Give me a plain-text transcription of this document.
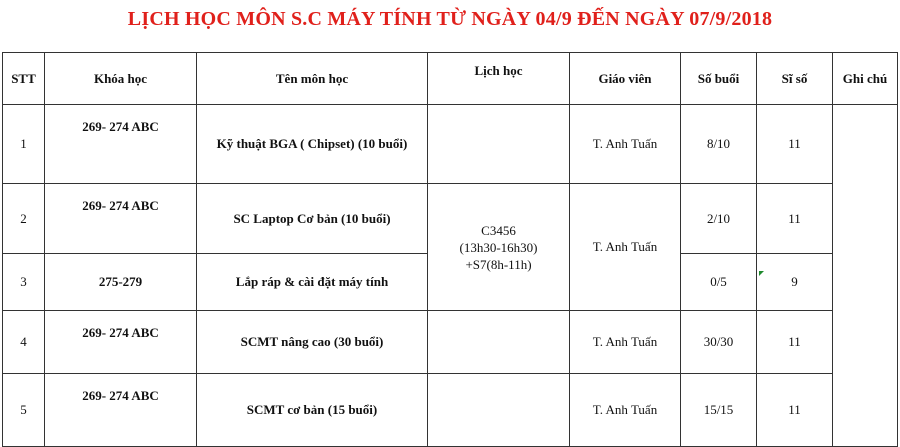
LỊCH HỌC MÔN S.C MÁY TÍNH TỪ NGÀY 04/9 ĐẾN NGÀY 07/9/2018
STT	Khóa học	Tên môn học	Lịch học	Giáo viên	Số buổi	Sĩ số	Ghi chú
1	269- 274 ABC	Kỹ thuật BGA ( Chipset) (10 buổi)		T. Anh Tuấn	8/10	11	
2	269- 274 ABC	SC Laptop Cơ bản (10 buổi)	C3456
(13h30-16h30)
+S7(8h-11h)	T. Anh Tuấn	2/10	11	
3	275-279	Lắp ráp & cài đặt máy tính			0/5	9	
4	269- 274 ABC	SCMT nâng cao (30 buổi)		T. Anh Tuấn	30/30	11	
5	269- 274 ABC	SCMT cơ bản (15 buổi)		T. Anh Tuấn	15/15	11	
